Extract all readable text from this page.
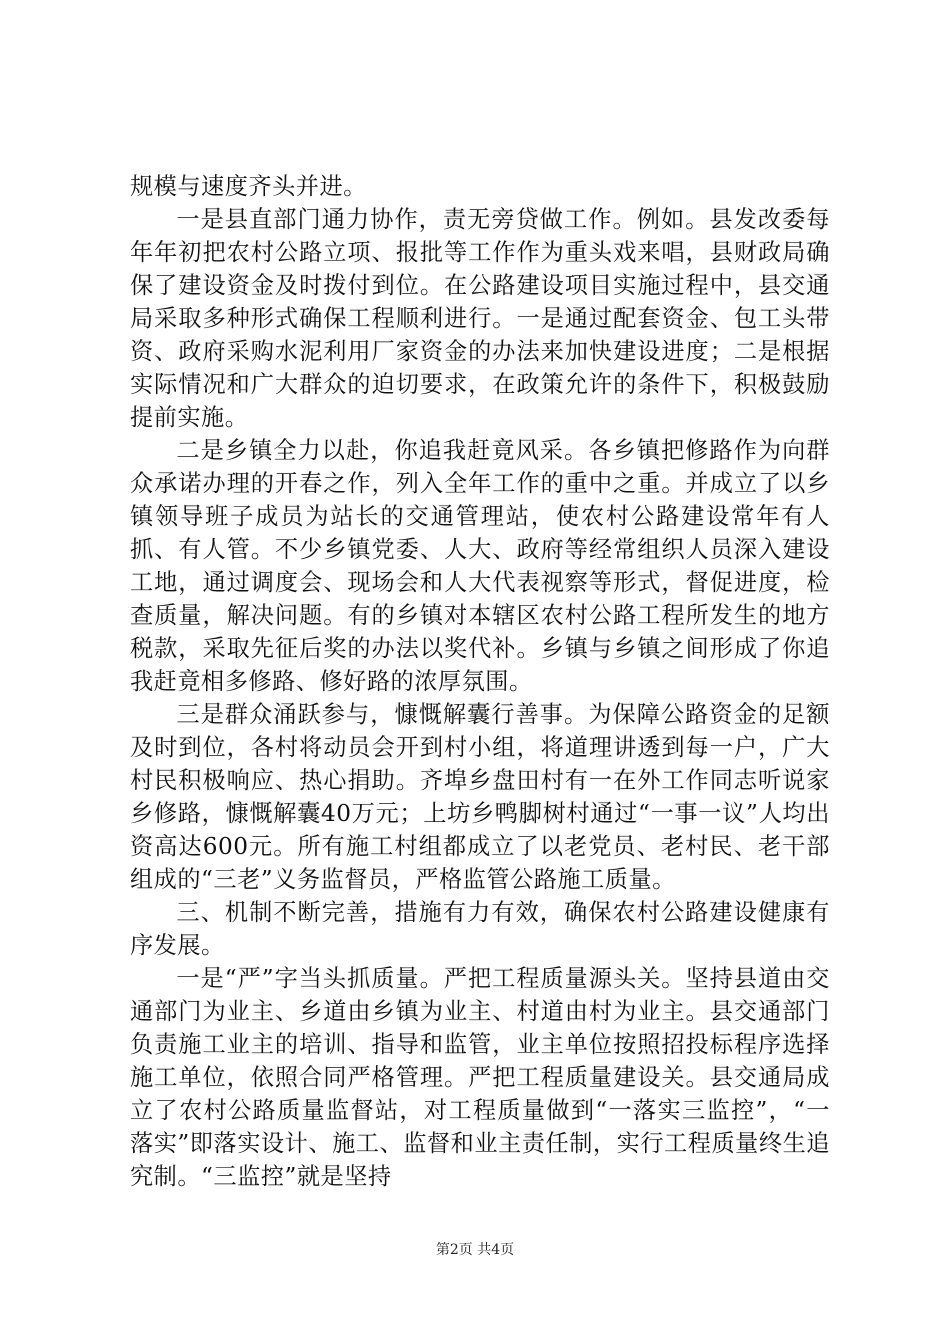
规模与速度齐头并进。

一是县直部门通力协作，责无旁贷做工作。例如。县发改委每年年初把农村公路立项、报批等工作作为重头戏来唱，县财政局确保了建设资金及时拨付到位。在公路建设项目实施过程中，县交通局采取多种形式确保工程顺利进行。一是通过配套资金、包工头带资、政府采购水泥利用厂家资金的办法来加快建设进度；二是根据实际情况和广大群众的迫切要求，在政策允许的条件下，积极鼓励提前实施。

二是乡镇全力以赴，你追我赶竟风采。各乡镇把修路作为向群众承诺办理的开春之作，列入全年工作的重中之重。并成立了以乡镇领导班子成员为站长的交通管理站，使农村公路建设常年有人抓、有人管。不少乡镇党委、人大、政府等经常组织人员深入建设工地，通过调度会、现场会和人大代表视察等形式，督促进度，检查质量，解决问题。有的乡镇对本辖区农村公路工程所发生的地方税款，采取先征后奖的办法以奖代补。乡镇与乡镇之间形成了你追我赶竟相多修路、修好路的浓厚氛围。

三是群众涌跃参与，慷慨解囊行善事。为保障公路资金的足额及时到位，各村将动员会开到村小组，将道理讲透到每一户，广大村民积极响应、热心捐助。齐埠乡盘田村有一在外工作同志听说家乡修路，慷慨解囊40万元；上坊乡鸭脚树村通过“一事一议”人均出资高达600元。所有施工村组都成立了以老党员、老村民、老干部组成的“三老”义务监督员，严格监管公路施工质量。

三、机制不断完善，措施有力有效，确保农村公路建设健康有序发展。

一是“严”字当头抓质量。严把工程质量源头关。坚持县道由交通部门为业主、乡道由乡镇为业主、村道由村为业主。县交通部门负责施工业主的培训、指导和监管，业主单位按照招投标程序选择施工单位，依照合同严格管理。严把工程质量建设关。县交通局成立了农村公路质量监督站，对工程质量做到“一落实三监控”，“一落实”即落实设计、施工、监督和业主责任制，实行工程质量终生追究制。“三监控”就是坚持

第2页 共4页
